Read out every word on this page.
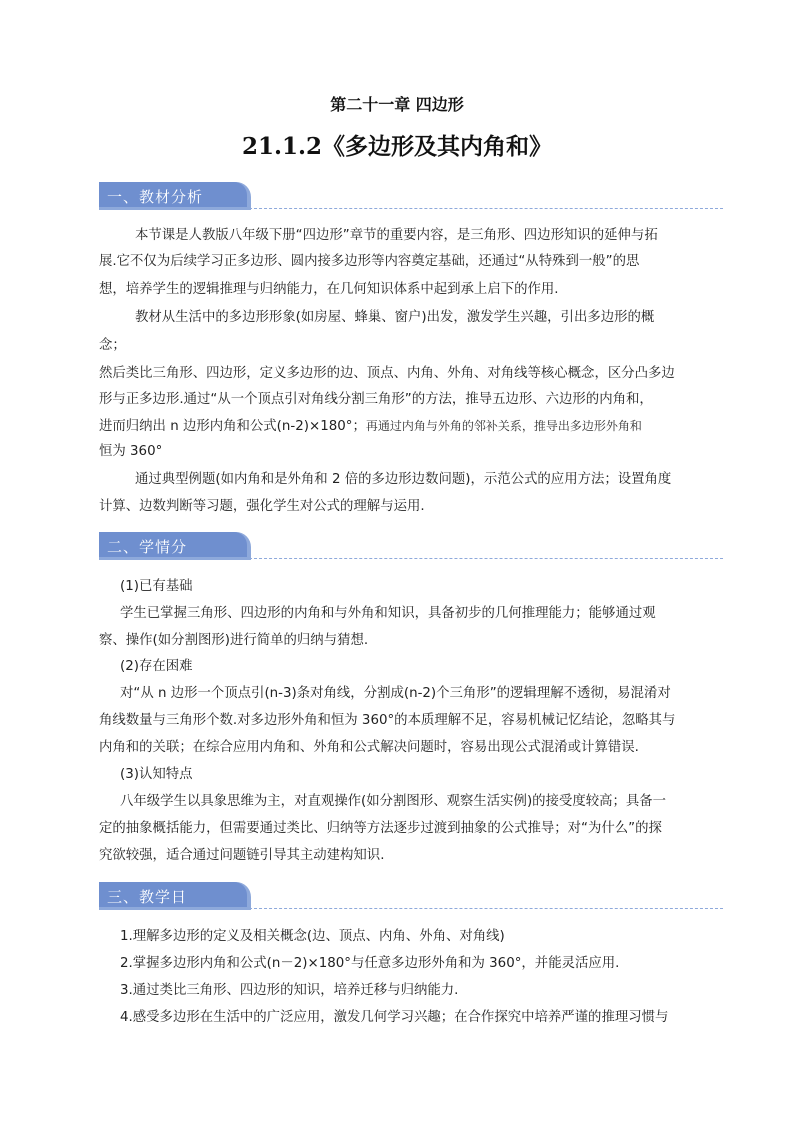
第二十一章 四边形
21.1.2《多边形及其内角和》
一、教材分析
本节课是人教版八年级下册“四边形”章节的重要内容，是三角形、四边形知识的延伸与拓
展.它不仅为后续学习正多边形、圆内接多边形等内容奠定基础，还通过“从特殊到一般”的思
想，培养学生的逻辑推理与归纳能力，在几何知识体系中起到承上启下的作用.
教材从生活中的多边形形象(如房屋、蜂巢、窗户)出发，激发学生兴趣，引出多边形的概
念；
然后类比三角形、四边形，定义多边形的边、顶点、内角、外角、对角线等核心概念，区分凸多边
形与正多边形.通过“从一个顶点引对角线分割三角形”的方法，推导五边形、六边形的内角和，
进而归纳出 n 边形内角和公式(n-2)×180°；再通过内角与外角的邻补关系，推导出多边形外角和
恒为 360°
通过典型例题(如内角和是外角和 2 倍的多边形边数问题)，示范公式的应用方法；设置角度
计算、边数判断等习题，强化学生对公式的理解与运用.
二、学情分
(1)已有基础
学生已掌握三角形、四边形的内角和与外角和知识，具备初步的几何推理能力；能够通过观
察、操作(如分割图形)进行简单的归纳与猜想.
(2)存在困难
对“从 n 边形一个顶点引(n-3)条对角线，分割成(n-2)个三角形”的逻辑理解不透彻，易混淆对
角线数量与三角形个数.对多边形外角和恒为 360°的本质理解不足，容易机械记忆结论，忽略其与
内角和的关联；在综合应用内角和、外角和公式解决问题时，容易出现公式混淆或计算错误.
(3)认知特点
八年级学生以具象思维为主，对直观操作(如分割图形、观察生活实例)的接受度较高；具备一
定的抽象概括能力，但需要通过类比、归纳等方法逐步过渡到抽象的公式推导；对“为什么”的探
究欲较强，适合通过问题链引导其主动建构知识.
三、教学日
1.理解多边形的定义及相关概念(边、顶点、内角、外角、对角线)
2.掌握多边形内角和公式(n－2)×180°与任意多边形外角和为 360°，并能灵活应用.
3.通过类比三角形、四边形的知识，培养迁移与归纳能力.
4.感受多边形在生活中的广泛应用，激发几何学习兴趣；在合作探究中培养严谨的推理习惯与
